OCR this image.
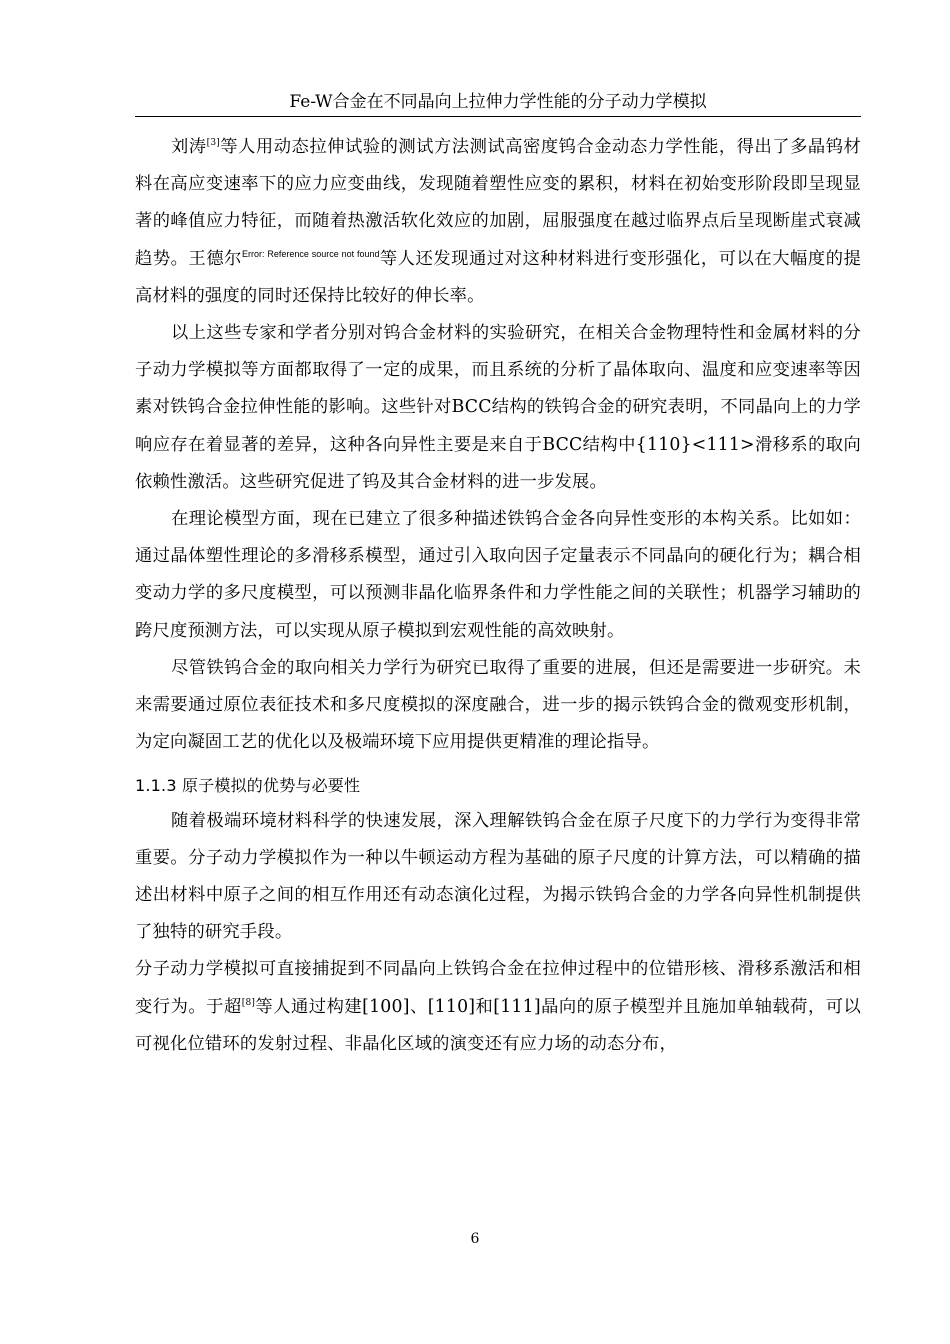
Fe-W合金在不同晶向上拉伸力学性能的分子动力学模拟

刘涛[3]等人用动态拉伸试验的测试方法测试高密度钨合金动态力学性能，得出了多晶钨材料在高应变速率下的应力应变曲线，发现随着塑性应变的累积，材料在初始变形阶段即呈现显著的峰值应力特征，而随着热激活软化效应的加剧，屈服强度在越过临界点后呈现断崖式衰减趋势。王德尔$^{Error: Reference source not found}$等人还发现通过对这种材料进行变形强化，可以在大幅度的提高材料的强度的同时还保持比较好的伸长率。

以上这些专家和学者分别对钨合金材料的实验研究，在相关合金物理特性和金属材料的分子动力学模拟等方面都取得了一定的成果，而且系统的分析了晶体取向、温度和应变速率等因素对铁钨合金拉伸性能的影响。这些针对BCC结构的铁钨合金的研究表明，不同晶向上的力学响应存在着显著的差异，这种各向异性主要是来自于BCC结构中{110}<111>滑移系的取向依赖性激活。这些研究促进了钨及其合金材料的进一步发展。

在理论模型方面，现在已建立了很多种描述铁钨合金各向异性变形的本构关系。比如如：通过晶体塑性理论的多滑移系模型，通过引入取向因子定量表示不同晶向的硬化行为；耦合相变动力学的多尺度模型，可以预测非晶化临界条件和力学性能之间的关联性；机器学习辅助的跨尺度预测方法，可以实现从原子模拟到宏观性能的高效映射。

尽管铁钨合金的取向相关力学行为研究已取得了重要的进展，但还是需要进一步研究。未来需要通过原位表征技术和多尺度模拟的深度融合，进一步的揭示铁钨合金的微观变形机制，为定向凝固工艺的优化以及极端环境下应用提供更精准的理论指导。

1.1.3 原子模拟的优势与必要性

随着极端环境材料科学的快速发展，深入理解铁钨合金在原子尺度下的力学行为变得非常重要。分子动力学模拟作为一种以牛顿运动方程为基础的原子尺度的计算方法，可以精确的描述出材料中原子之间的相互作用还有动态演化过程，为揭示铁钨合金的力学各向异性机制提供了独特的研究手段。

分子动力学模拟可直接捕捉到不同晶向上铁钨合金在拉伸过程中的位错形核、滑移系激活和相变行为。于超[8]等人通过构建[100]、[110]和[111]晶向的原子模型并且施加单轴载荷，可以可视化位错环的发射过程、非晶化区域的演变还有应力场的动态分布，

6
